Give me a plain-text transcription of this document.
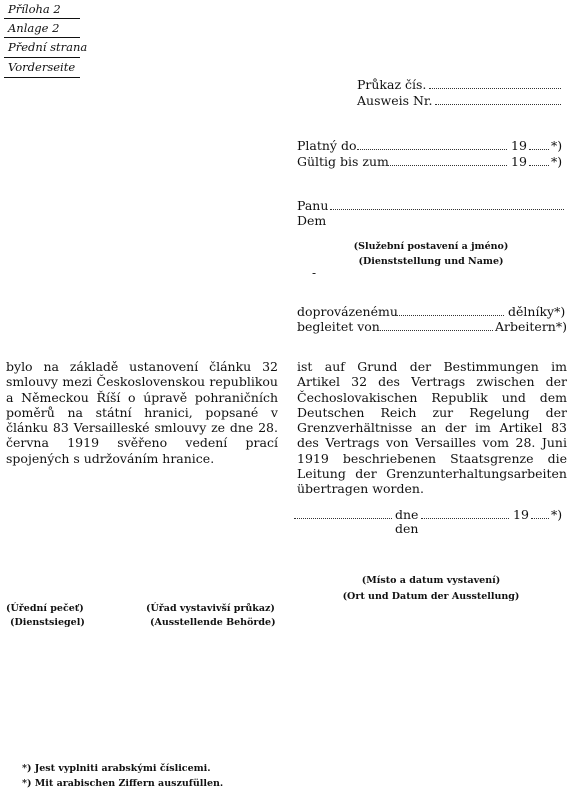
Příloha 2
Anlage 2
Přední strana
Vorderseite
Průkaz čís.
Ausweis Nr.
Platný do	19 *)
Gültig bis zum	19 *)
Panu
Dem
(Služební postavení a jméno)
(Dienststellung und Name)
-
doprovázenému	dělníky*)
begleitet von	Arbeitern*)
bylo na základě ustanovení článku 32 smlouvy mezi Československou republikou a Německou Říší o úpravě pohraničních poměrů na státní hranici, popsané v článku 83 Versailleské smlouvy ze dne 28. června 1919 svěřeno vedení prací spojených s udržováním hranice.
ist auf Grund der Bestimmungen im Artikel 32 des Vertrags zwischen der Čechoslovakischen Republik und dem Deutschen Reich zur Regelung der Grenzverhältnisse an der im Artikel 83 des Vertrags von Versailles vom 28. Juni 1919 beschriebenen Staatsgrenze die Leitung der Grenzunterhaltungsarbeiten übertragen worden.
dne	19 *)
den
(Místo a datum vystavení)
(Ort und Datum der Ausstellung)
(Úřední pečeť)
(Dienstsiegel)
(Úřad vystavivší průkaz)
(Ausstellende Behörde)
*) Jest vyplniti arabskými číslicemi.
*) Mit arabischen Ziffern auszufüllen.
